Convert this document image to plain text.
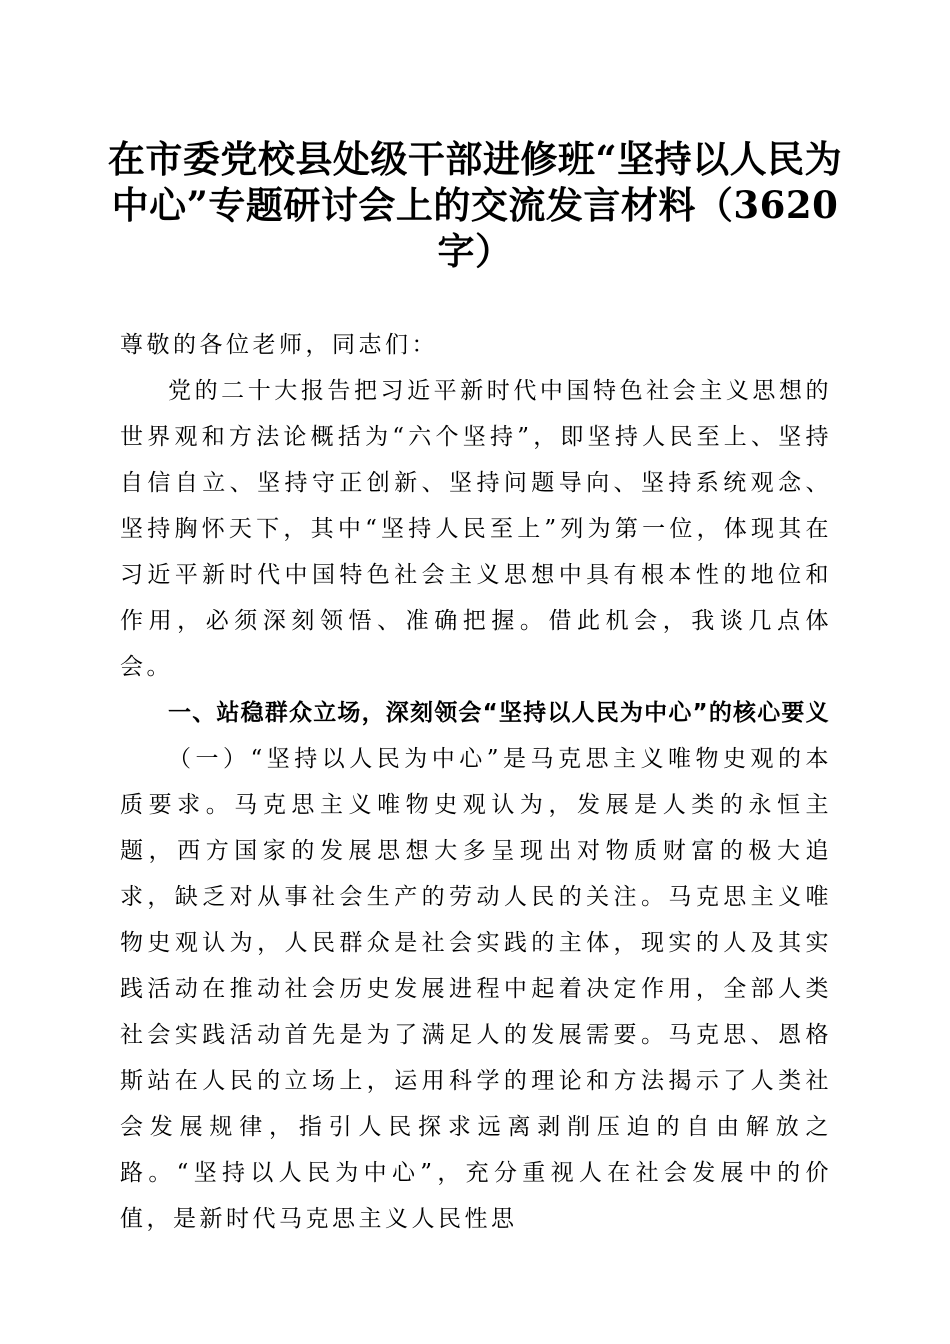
在市委党校县处级干部进修班“坚持以人民为中心”专题研讨会上的交流发言材料（3620字）

尊敬的各位老师，同志们：

党的二十大报告把习近平新时代中国特色社会主义思想的世界观和方法论概括为“六个坚持”，即坚持人民至上、坚持自信自立、坚持守正创新、坚持问题导向、坚持系统观念、坚持胸怀天下，其中“坚持人民至上”列为第一位，体现其在习近平新时代中国特色社会主义思想中具有根本性的地位和作用，必须深刻领悟、准确把握。借此机会，我谈几点体会。

一、站稳群众立场，深刻领会“坚持以人民为中心”的核心要义

（一）“坚持以人民为中心”是马克思主义唯物史观的本质要求。马克思主义唯物史观认为，发展是人类的永恒主题，西方国家的发展思想大多呈现出对物质财富的极大追求，缺乏对从事社会生产的劳动人民的关注。马克思主义唯物史观认为，人民群众是社会实践的主体，现实的人及其实践活动在推动社会历史发展进程中起着决定作用，全部人类社会实践活动首先是为了满足人的发展需要。马克思、恩格斯站在人民的立场上，运用科学的理论和方法揭示了人类社会发展规律，指引人民探求远离剥削压迫的自由解放之路。“坚持以人民为中心”，充分重视人在社会发展中的价值，是新时代马克思主义人民性思
